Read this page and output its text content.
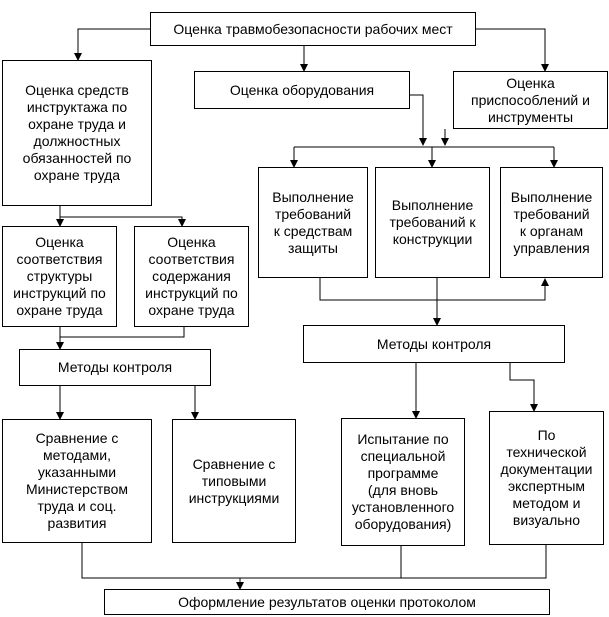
Оценка травмобезопасности рабочих мест
Оценка средств
инструктажа по
охране труда и
должностных
обязанностей по
охране труда
Оценка оборудования	Оценка
приспособлений и
инструменты
Оценка
соответствия
структуры
инструкций по
охране труда
Оценка
соответствия
содержания
инструкций по
охране труда
Выполнение
требований
к средствам
защиты
Выполнение
требований к
конструкции
Выполнение
требований
к органам
управления
Методы контроля
Методы контроля
Сравнение с
методами,
указанными
Министерством
труда и соц.
развития
Сравнение с
типовыми
инструкциями
Испытание по
специальной
программе
(для вновь
установленного
оборудования)
По
технической
документации
экспертным
методом и
визуально
Оформление результатов оценки протоколом
